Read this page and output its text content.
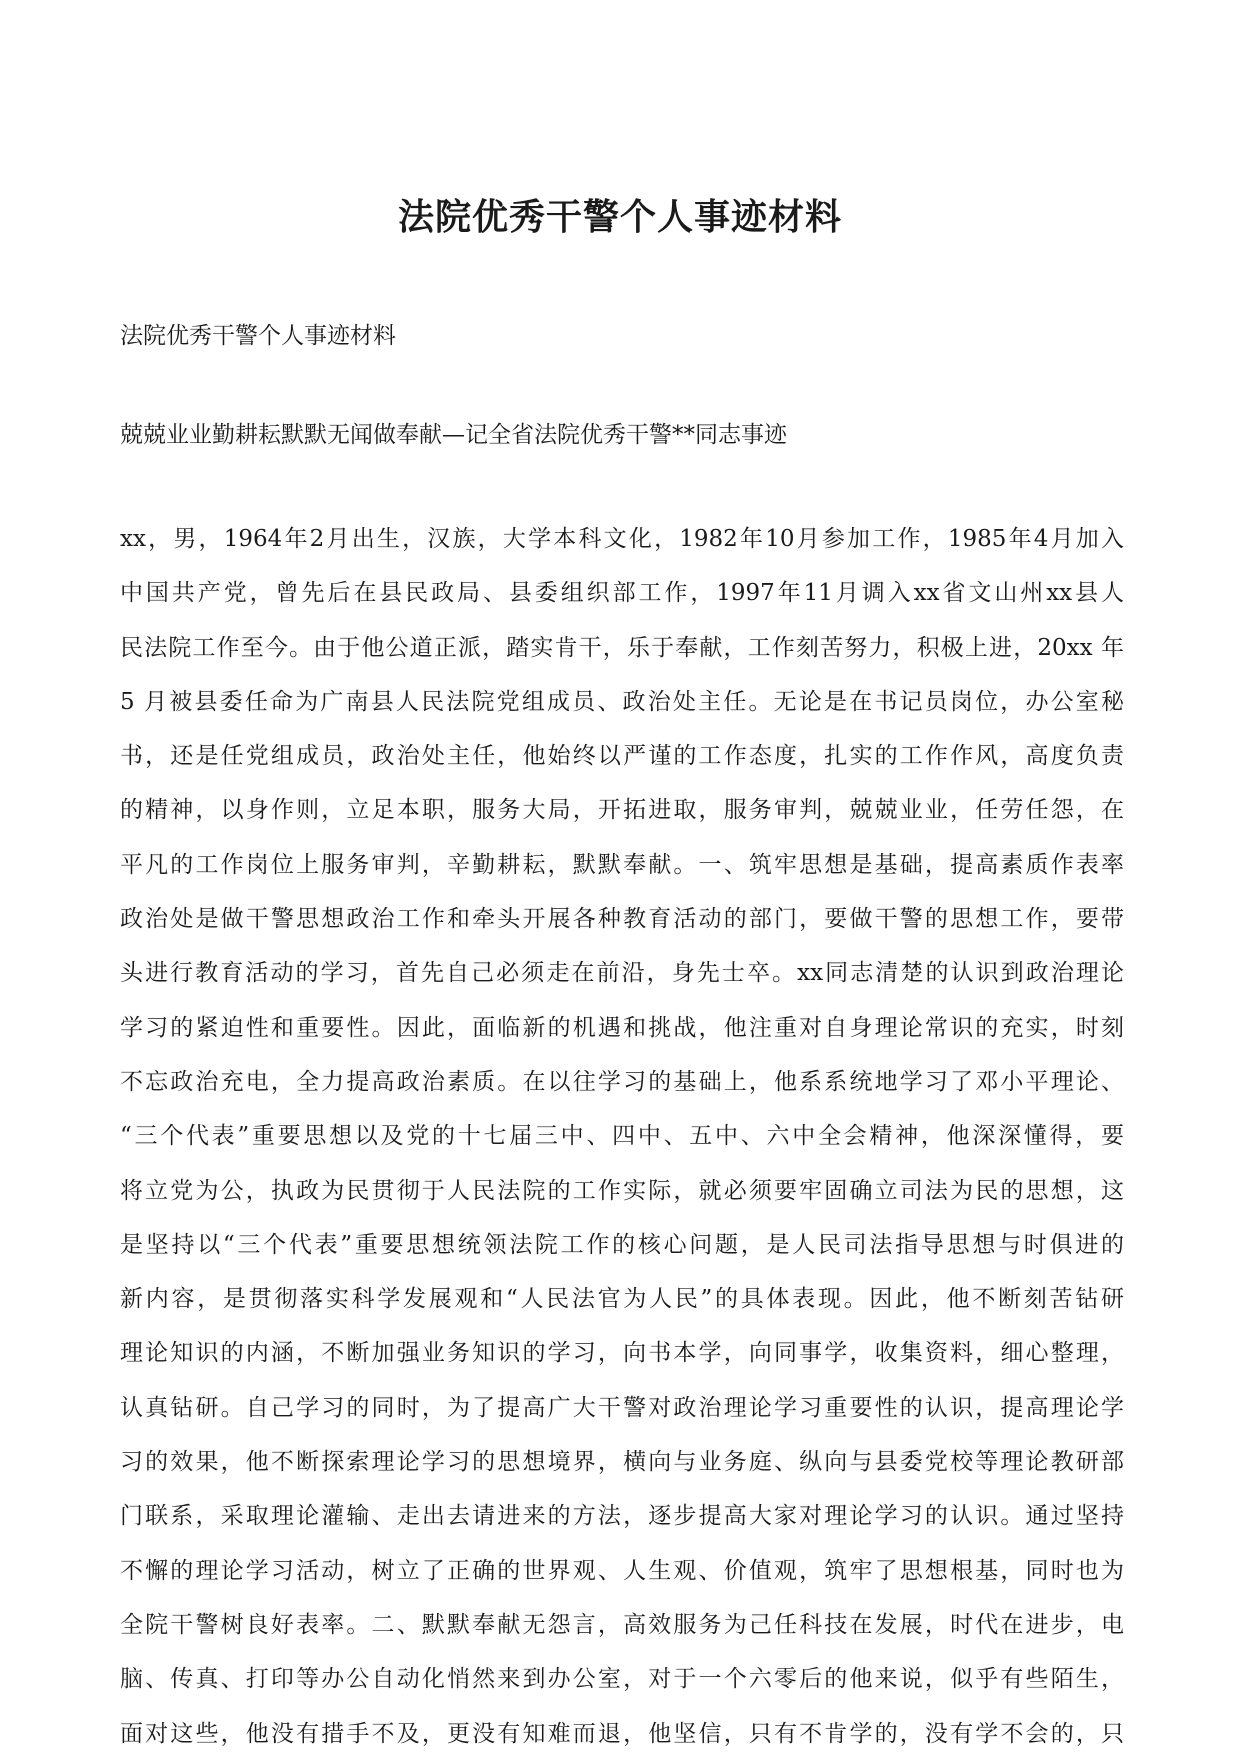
法院优秀干警个人事迹材料

法院优秀干警个人事迹材料

兢兢业业勤耕耘默默无闻做奉献—记全省法院优秀干警**同志事迹

xx，男，1964年2月出生，汉族，大学本科文化，1982年10月参加工作，1985年4月加入
中国共产党，曾先后在县民政局、县委组织部工作，1997年11月调入xx省文山州xx县人
民法院工作至今。由于他公道正派，踏实肯干，乐于奉献，工作刻苦努力，积极上进，20xx 年
5 月被县委任命为广南县人民法院党组成员、政治处主任。无论是在书记员岗位，办公室秘
书，还是任党组成员，政治处主任，他始终以严谨的工作态度，扎实的工作作风，高度负责
的精神，以身作则，立足本职，服务大局，开拓进取，服务审判，兢兢业业，任劳任怨，在
平凡的工作岗位上服务审判，辛勤耕耘，默默奉献。一、筑牢思想是基础，提高素质作表率
政治处是做干警思想政治工作和牵头开展各种教育活动的部门，要做干警的思想工作，要带
头进行教育活动的学习，首先自己必须走在前沿，身先士卒。xx同志清楚的认识到政治理论
学习的紧迫性和重要性。因此，面临新的机遇和挑战，他注重对自身理论常识的充实，时刻
不忘政治充电，全力提高政治素质。在以往学习的基础上，他系系统地学习了邓小平理论、
“三个代表”重要思想以及党的十七届三中、四中、五中、六中全会精神，他深深懂得，要
将立党为公，执政为民贯彻于人民法院的工作实际，就必须要牢固确立司法为民的思想，这
是坚持以“三个代表”重要思想统领法院工作的核心问题，是人民司法指导思想与时俱进的
新内容，是贯彻落实科学发展观和“人民法官为人民”的具体表现。因此，他不断刻苦钻研
理论知识的内涵，不断加强业务知识的学习，向书本学，向同事学，收集资料，细心整理，
认真钻研。自己学习的同时，为了提高广大干警对政治理论学习重要性的认识，提高理论学
习的效果，他不断探索理论学习的思想境界，横向与业务庭、纵向与县委党校等理论教研部
门联系，采取理论灌输、走出去请进来的方法，逐步提高大家对理论学习的认识。通过坚持
不懈的理论学习活动，树立了正确的世界观、人生观、价值观，筑牢了思想根基，同时也为
全院干警树良好表率。二、默默奉献无怨言，高效服务为己任科技在发展，时代在进步，电
脑、传真、打印等办公自动化悄然来到办公室，对于一个六零后的他来说，似乎有些陌生，
面对这些，他没有措手不及，更没有知难而退，他坚信，只有不肯学的，没有学不会的，只
